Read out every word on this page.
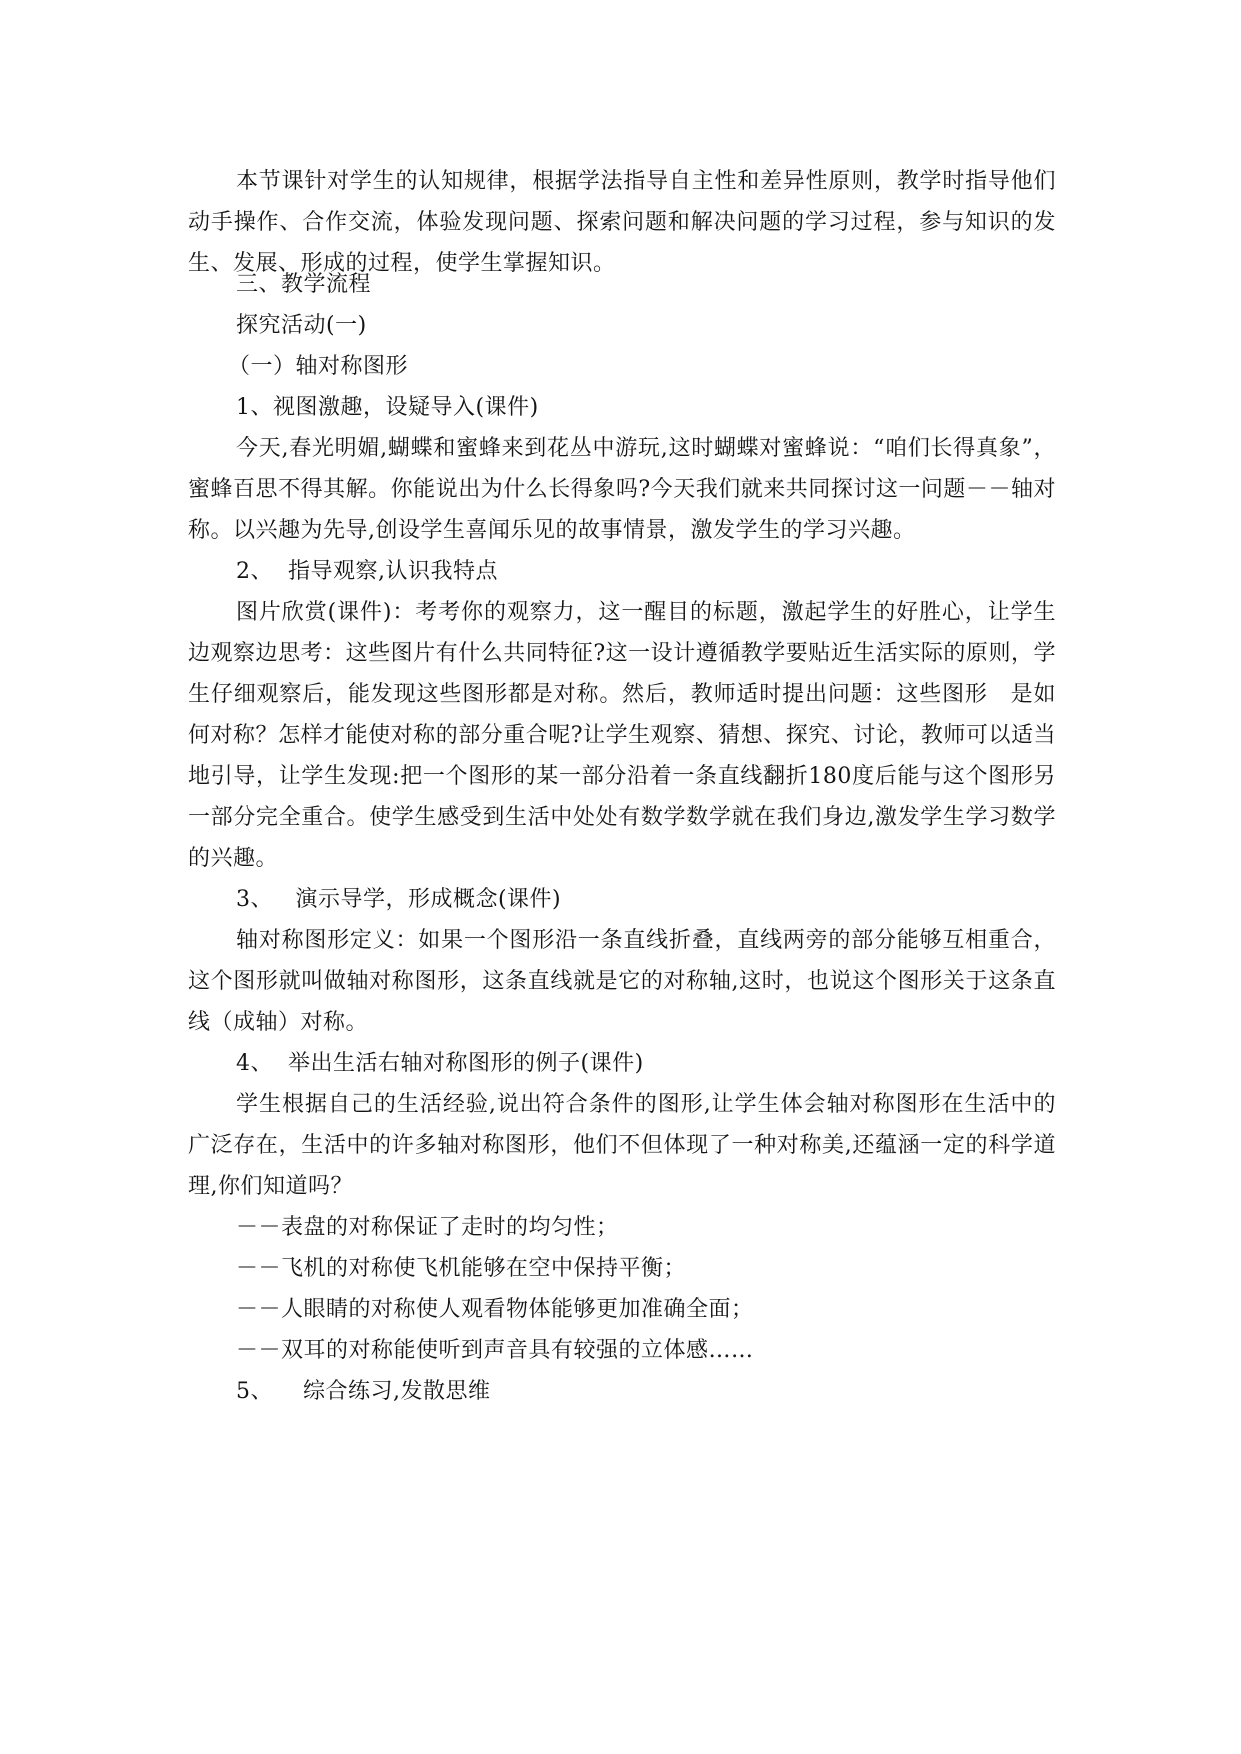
本节课针对学生的认知规律，根据学法指导自主性和差异性原则，教学时指导他们动手操作、合作交流，体验发现问题、探索问题和解决问题的学习过程，参与知识的发生、发展、形成的过程，使学生掌握知识。

三、教学流程

探究活动(一)

（一）轴对称图形

1、视图激趣，设疑导入(课件)

今天,春光明媚,蝴蝶和蜜蜂来到花丛中游玩,这时蝴蝶对蜜蜂说：“咱们长得真象”，蜜蜂百思不得其解。你能说出为什么长得象吗?今天我们就来共同探讨这一问题－－轴对称。以兴趣为先导,创设学生喜闻乐见的故事情景，激发学生的学习兴趣。

2、  指导观察,认识我特点

图片欣赏(课件)：考考你的观察力，这一醒目的标题，激起学生的好胜心，让学生边观察边思考：这些图片有什么共同特征?这一设计遵循教学要贴近生活实际的原则，学生仔细观察后，能发现这些图形都是对称。然后，教师适时提出问题：这些图形　是如何对称？怎样才能使对称的部分重合呢?让学生观察、猜想、探究、讨论，教师可以适当地引导，让学生发现:把一个图形的某一部分沿着一条直线翻折180度后能与这个图形另一部分完全重合。使学生感受到生活中处处有数学数学就在我们身边,激发学生学习数学的兴趣。

3、   演示导学，形成概念(课件)

轴对称图形定义：如果一个图形沿一条直线折叠，直线两旁的部分能够互相重合，这个图形就叫做轴对称图形，这条直线就是它的对称轴,这时，也说这个图形关于这条直线（成轴）对称。

4、  举出生活右轴对称图形的例子(课件)

学生根据自己的生活经验,说出符合条件的图形,让学生体会轴对称图形在生活中的广泛存在，生活中的许多轴对称图形，他们不但体现了一种对称美,还蕴涵一定的科学道理,你们知道吗？

－－表盘的对称保证了走时的均匀性；

－－飞机的对称使飞机能够在空中保持平衡；

－－人眼睛的对称使人观看物体能够更加准确全面；

－－双耳的对称能使听到声音具有较强的立体感……

5、    综合练习,发散思维
